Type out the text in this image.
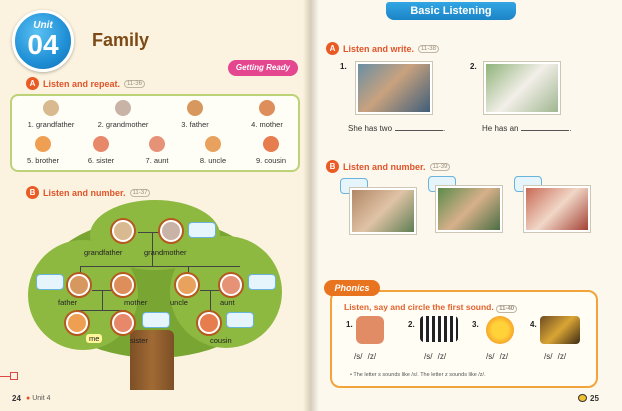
Unit
04	Family
Getting Ready
A Listen and repeat.	11-36
1. grandfather	2. grandmother	3. father	4. mother
5. brother	6. sister	7. aunt	8. uncle	9. cousin
B Listen and number.	11-37
grandfather	grandmother
father	mother	uncle	aunt
me	sister	cousin
24 ● Unit 4
Basic Listening
A Listen and write.	11-38
1.
She has two	.
2.
He has an	.
B Listen and number.	11-39
Phonics
Listen, say and circle the first sound. 11-40
1.
/s/ /z/
2.
/s/ /z/
3.
/s/ /z/
4.
/s/ /z/
• The letter s sounds like /s/. The letter z sounds like /z/.
25
